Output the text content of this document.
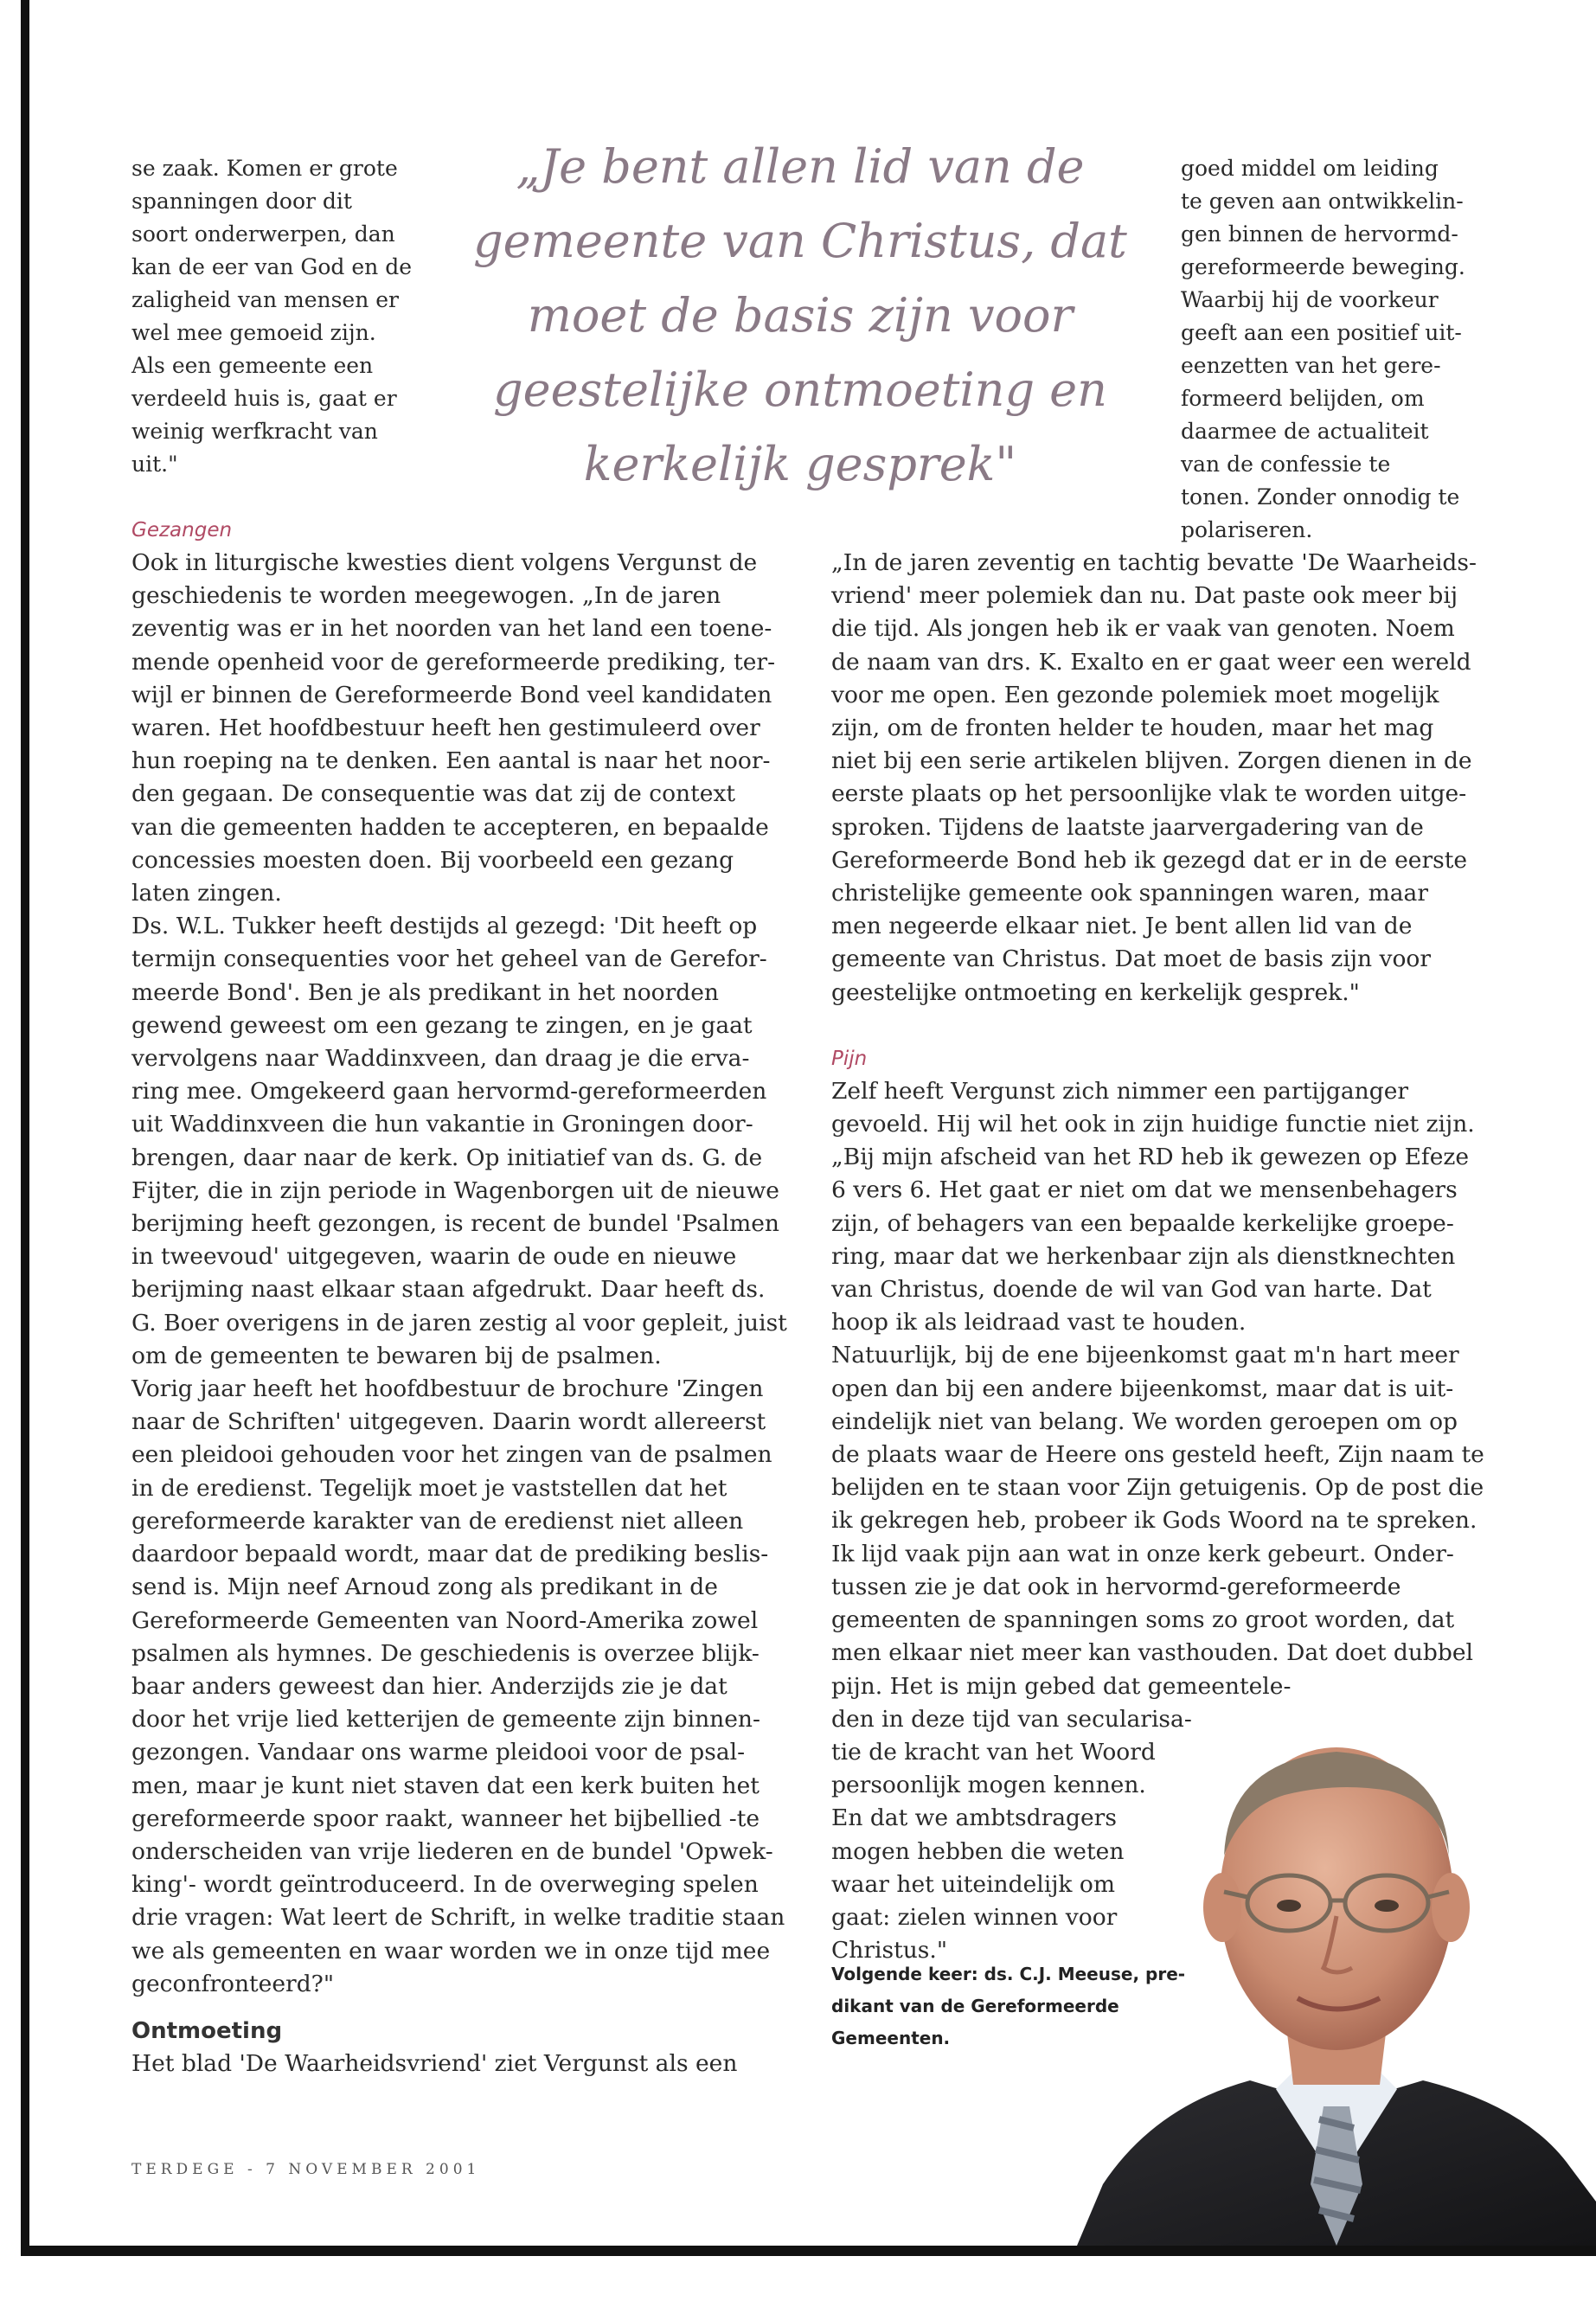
se zaak. Komen er grote
spanningen door dit
soort onderwerpen, dan
kan de eer van God en de
zaligheid van mensen er
wel mee gemoeid zijn.
Als een gemeente een
verdeeld huis is, gaat er
weinig werfkracht van
uit."
„Je bent allen lid van de
gemeente van Christus, dat
moet de basis zijn voor
geestelijke ontmoeting en
kerkelijk gesprek"
goed middel om leiding
te geven aan ontwikkelin-
gen binnen de hervormd-
gereformeerde beweging.
Waarbij hij de voorkeur
geeft aan een positief uit-
eenzetten van het gere-
formeerd belijden, om
daarmee de actualiteit
van de confessie te
tonen. Zonder onnodig te
polariseren.
Gezangen
Ook in liturgische kwesties dient volgens Vergunst de
geschiedenis te worden meegewogen. „In de jaren
zeventig was er in het noorden van het land een toene-
mende openheid voor de gereformeerde prediking, ter-
wijl er binnen de Gereformeerde Bond veel kandidaten
waren. Het hoofdbestuur heeft hen gestimuleerd over
hun roeping na te denken. Een aantal is naar het noor-
den gegaan. De consequentie was dat zij de context
van die gemeenten hadden te accepteren, en bepaalde
concessies moesten doen. Bij voorbeeld een gezang
laten zingen.
Ds. W.L. Tukker heeft destijds al gezegd: 'Dit heeft op
termijn consequenties voor het geheel van de Gerefor-
meerde Bond'. Ben je als predikant in het noorden
gewend geweest om een gezang te zingen, en je gaat
vervolgens naar Waddinxveen, dan draag je die erva-
ring mee. Omgekeerd gaan hervormd-gereformeerden
uit Waddinxveen die hun vakantie in Groningen door-
brengen, daar naar de kerk. Op initiatief van ds. G. de
Fijter, die in zijn periode in Wagenborgen uit de nieuwe
berijming heeft gezongen, is recent de bundel 'Psalmen
in tweevoud' uitgegeven, waarin de oude en nieuwe
berijming naast elkaar staan afgedrukt. Daar heeft ds.
G. Boer overigens in de jaren zestig al voor gepleit, juist
om de gemeenten te bewaren bij de psalmen.
Vorig jaar heeft het hoofdbestuur de brochure 'Zingen
naar de Schriften' uitgegeven. Daarin wordt allereerst
een pleidooi gehouden voor het zingen van de psalmen
in de eredienst. Tegelijk moet je vaststellen dat het
gereformeerde karakter van de eredienst niet alleen
daardoor bepaald wordt, maar dat de prediking beslis-
send is. Mijn neef Arnoud zong als predikant in de
Gereformeerde Gemeenten van Noord-Amerika zowel
psalmen als hymnes. De geschiedenis is overzee blijk-
baar anders geweest dan hier. Anderzijds zie je dat
door het vrije lied ketterijen de gemeente zijn binnen-
gezongen. Vandaar ons warme pleidooi voor de psal-
men, maar je kunt niet staven dat een kerk buiten het
gereformeerde spoor raakt, wanneer het bijbellied -te
onderscheiden van vrije liederen en de bundel 'Opwek-
king'- wordt geïntroduceerd. In de overweging spelen
drie vragen: Wat leert de Schrift, in welke traditie staan
we als gemeenten en waar worden we in onze tijd mee
geconfronteerd?"
Ontmoeting
Het blad 'De Waarheidsvriend' ziet Vergunst als een
„In de jaren zeventig en tachtig bevatte 'De Waarheids-
vriend' meer polemiek dan nu. Dat paste ook meer bij
die tijd. Als jongen heb ik er vaak van genoten. Noem
de naam van drs. K. Exalto en er gaat weer een wereld
voor me open. Een gezonde polemiek moet mogelijk
zijn, om de fronten helder te houden, maar het mag
niet bij een serie artikelen blijven. Zorgen dienen in de
eerste plaats op het persoonlijke vlak te worden uitge-
sproken. Tijdens de laatste jaarvergadering van de
Gereformeerde Bond heb ik gezegd dat er in de eerste
christelijke gemeente ook spanningen waren, maar
men negeerde elkaar niet. Je bent allen lid van de
gemeente van Christus. Dat moet de basis zijn voor
geestelijke ontmoeting en kerkelijk gesprek."
Pijn
Zelf heeft Vergunst zich nimmer een partijganger
gevoeld. Hij wil het ook in zijn huidige functie niet zijn.
„Bij mijn afscheid van het RD heb ik gewezen op Efeze
6 vers 6. Het gaat er niet om dat we mensenbehagers
zijn, of behagers van een bepaalde kerkelijke groepe-
ring, maar dat we herkenbaar zijn als dienstknechten
van Christus, doende de wil van God van harte. Dat
hoop ik als leidraad vast te houden.
Natuurlijk, bij de ene bijeenkomst gaat m'n hart meer
open dan bij een andere bijeenkomst, maar dat is uit-
eindelijk niet van belang. We worden geroepen om op
de plaats waar de Heere ons gesteld heeft, Zijn naam te
belijden en te staan voor Zijn getuigenis. Op de post die
ik gekregen heb, probeer ik Gods Woord na te spreken.
Ik lijd vaak pijn aan wat in onze kerk gebeurt. Onder-
tussen zie je dat ook in hervormd-gereformeerde
gemeenten de spanningen soms zo groot worden, dat
men elkaar niet meer kan vasthouden. Dat doet dubbel
pijn. Het is mijn gebed dat gemeentele-
den in deze tijd van secularisa-
tie de kracht van het Woord
persoonlijk mogen kennen.
En dat we ambtsdragers
mogen hebben die weten
waar het uiteindelijk om
gaat: zielen winnen voor
Christus."
Volgende keer: ds. C.J. Meeuse, pre-
dikant van de Gereformeerde
Gemeenten.
TERDEGE - 7 NOVEMBER 2001
